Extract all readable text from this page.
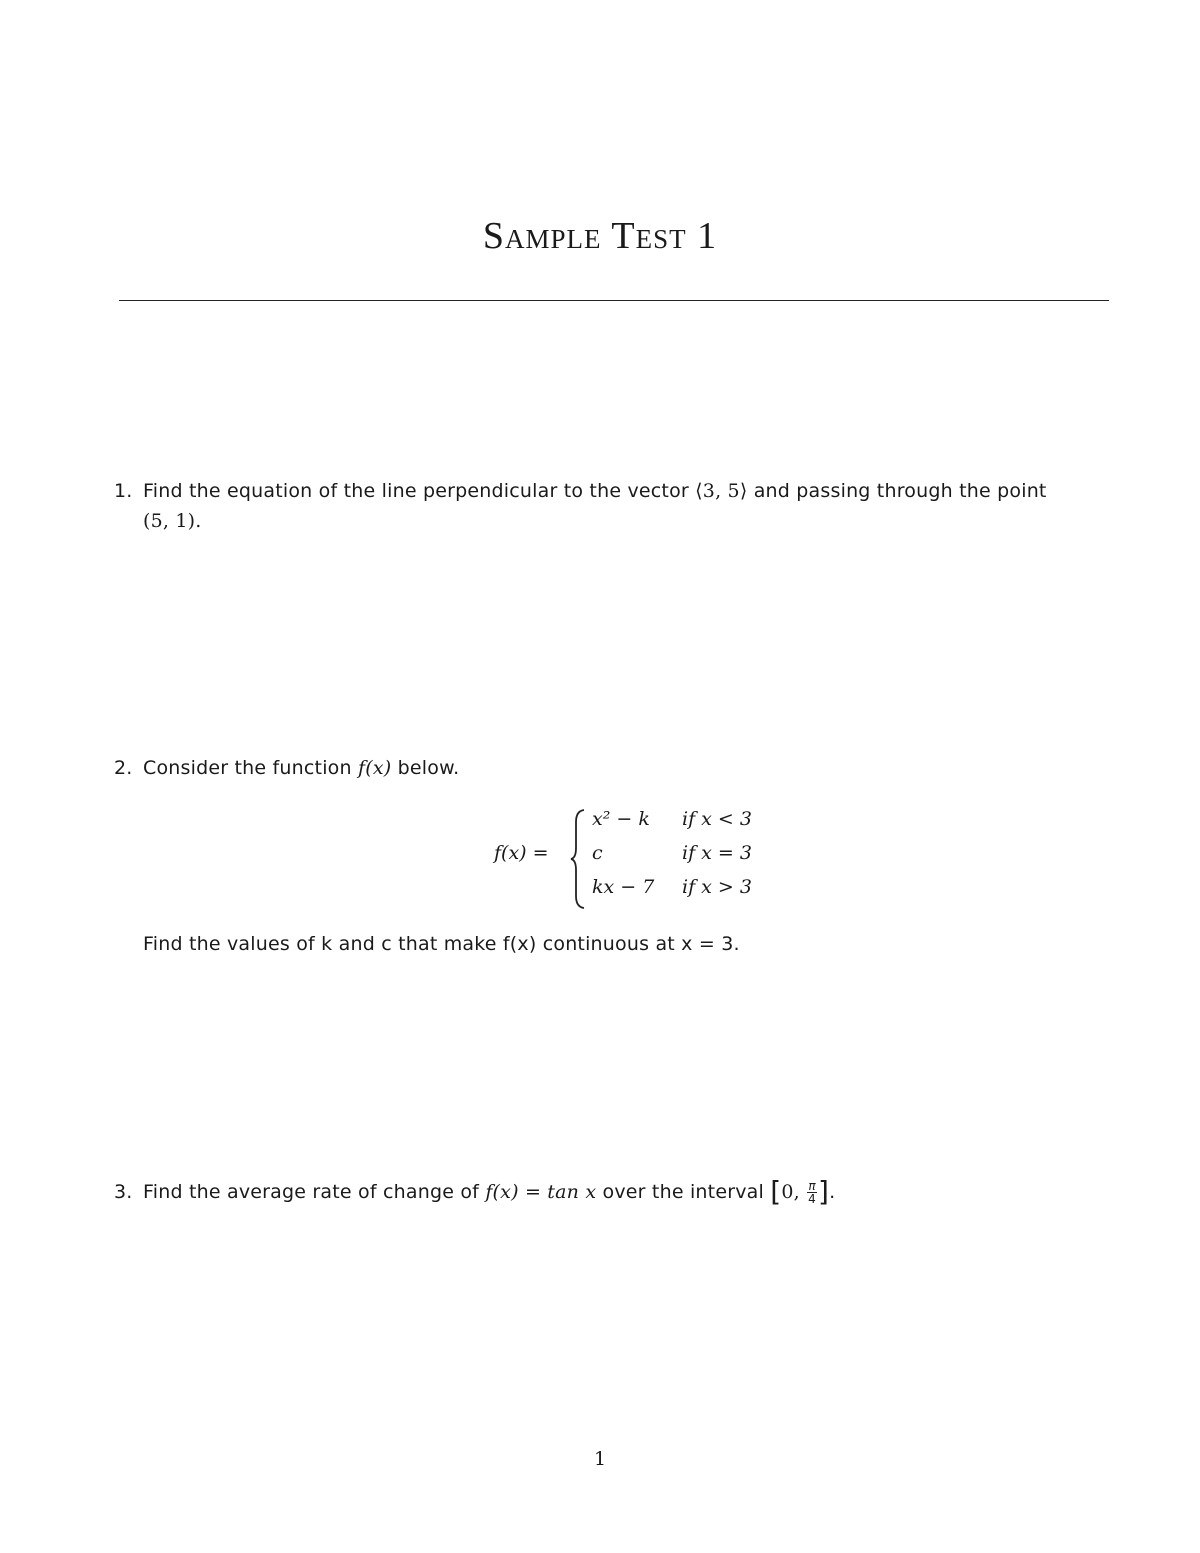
Sample Test 1
1. Find the equation of the line perpendicular to the vector ⟨3, 5⟩ and passing through the point
(5, 1).
2. Consider the function f(x) below.
f(x) =
x² − k if x < 3
c	if x = 3
kx − 7 if x > 3
Find the values of k and c that make f(x) continuous at x = 3.
3. Find the average rate of change of f(x) = tan x over the interval [0, $\frac{\pi}{4}$ ].
1
